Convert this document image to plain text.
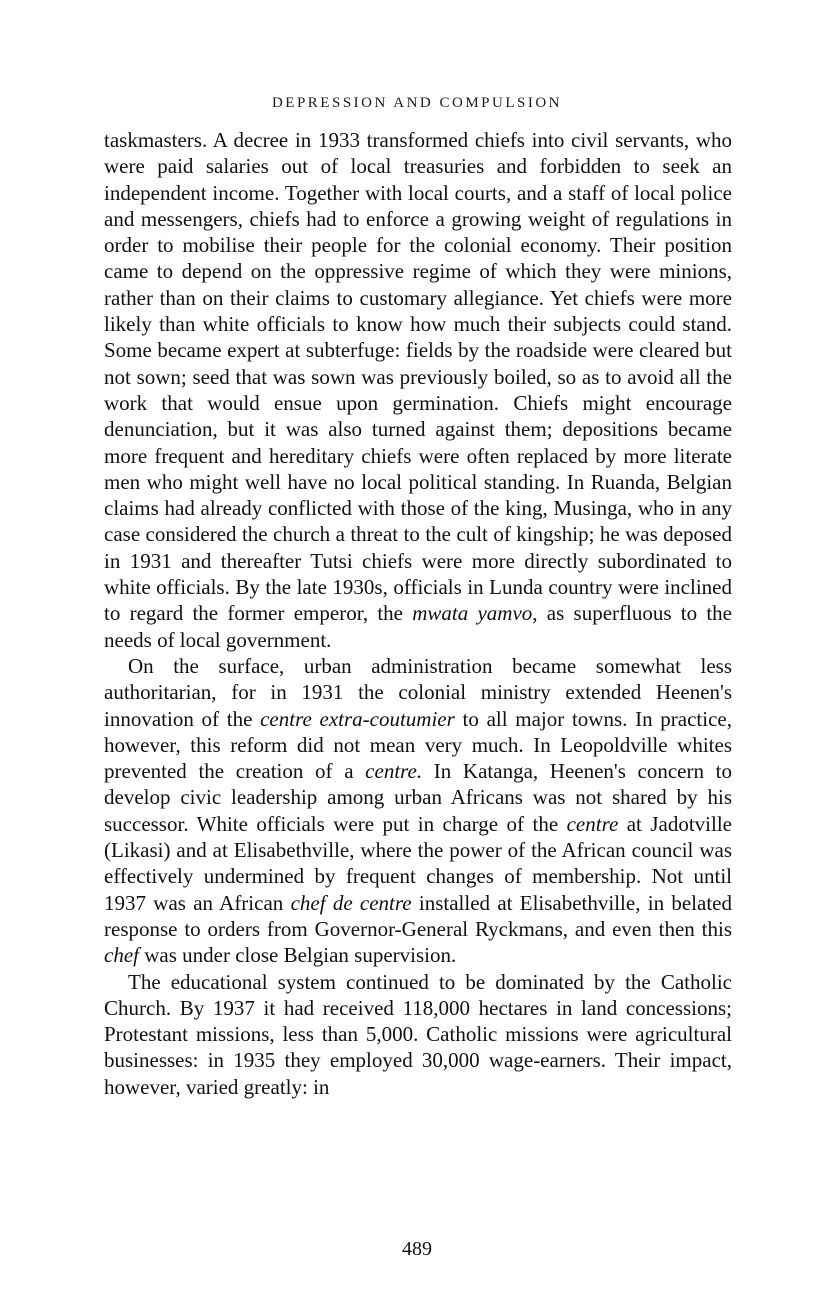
DEPRESSION AND COMPULSION

taskmasters. A decree in 1933 transformed chiefs into civil servants, who were paid salaries out of local treasuries and forbidden to seek an independent income. Together with local courts, and a staff of local police and messengers, chiefs had to enforce a growing weight of regulations in order to mobilise their people for the colonial economy. Their position came to depend on the oppressive regime of which they were minions, rather than on their claims to customary allegiance. Yet chiefs were more likely than white officials to know how much their subjects could stand. Some became expert at subterfuge: fields by the roadside were cleared but not sown; seed that was sown was previously boiled, so as to avoid all the work that would ensue upon germination. Chiefs might encourage denunciation, but it was also turned against them; depositions became more frequent and hereditary chiefs were often replaced by more literate men who might well have no local political standing. In Ruanda, Belgian claims had already conflicted with those of the king, Musinga, who in any case considered the church a threat to the cult of kingship; he was deposed in 1931 and thereafter Tutsi chiefs were more directly subordinated to white officials. By the late 1930s, officials in Lunda country were inclined to regard the former emperor, the mwata yamvo, as superfluous to the needs of local government.

On the surface, urban administration became somewhat less authoritarian, for in 1931 the colonial ministry extended Heenen's innovation of the centre extra-coutumier to all major towns. In practice, however, this reform did not mean very much. In Leopoldville whites prevented the creation of a centre. In Katanga, Heenen's concern to develop civic leadership among urban Africans was not shared by his successor. White officials were put in charge of the centre at Jadotville (Likasi) and at Elisabethville, where the power of the African council was effectively undermined by frequent changes of membership. Not until 1937 was an African chef de centre installed at Elisabethville, in belated response to orders from Governor-General Ryckmans, and even then this chef was under close Belgian supervision.

The educational system continued to be dominated by the Catholic Church. By 1937 it had received 118,000 hectares in land concessions; Protestant missions, less than 5,000. Catholic missions were agricultural businesses: in 1935 they employed 30,000 wage-earners. Their impact, however, varied greatly: in

489
